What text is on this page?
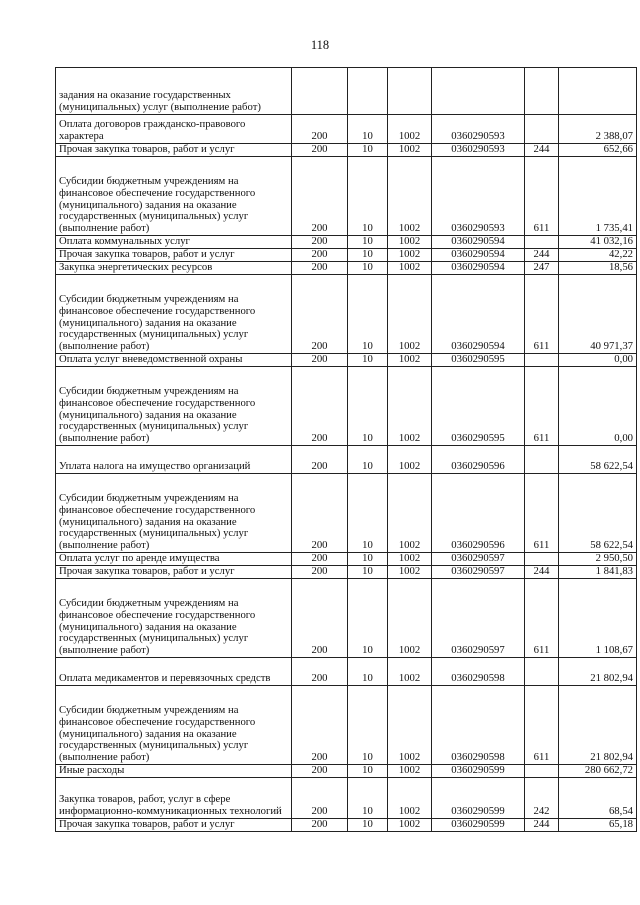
118
задания на оказание государственных (муниципальных) услуг (выполнение работ)						
Оплата договоров гражданско-правового характера	200	10	1002	0360290593		2 388,07
Прочая закупка товаров, работ и услуг	200	10	1002	0360290593	244	652,66
Субсидии бюджетным учреждениям на финансовое обеспечение государственного (муниципального) задания на оказание государственных (муниципальных) услуг (выполнение работ)	200	10	1002	0360290593	611	1 735,41
Оплата коммунальных услуг	200	10	1002	0360290594		41 032,16
Прочая закупка товаров, работ и услуг	200	10	1002	0360290594	244	42,22
Закупка энергетических ресурсов	200	10	1002	0360290594	247	18,56
Субсидии бюджетным учреждениям на финансовое обеспечение государственного (муниципального) задания на оказание государственных (муниципальных) услуг (выполнение работ)	200	10	1002	0360290594	611	40 971,37
Оплата услуг вневедомственной охраны	200	10	1002	0360290595		0,00
Субсидии бюджетным учреждениям на финансовое обеспечение государственного (муниципального) задания на оказание государственных (муниципальных) услуг (выполнение работ)	200	10	1002	0360290595	611	0,00
Уплата налога на имущество организаций	200	10	1002	0360290596		58 622,54
Субсидии бюджетным учреждениям на финансовое обеспечение государственного (муниципального) задания на оказание государственных (муниципальных) услуг (выполнение работ)	200	10	1002	0360290596	611	58 622,54
Оплата услуг по аренде имущества	200	10	1002	0360290597		2 950,50
Прочая закупка товаров, работ и услуг	200	10	1002	0360290597	244	1 841,83
Субсидии бюджетным учреждениям на финансовое обеспечение государственного (муниципального) задания на оказание государственных (муниципальных) услуг (выполнение работ)	200	10	1002	0360290597	611	1 108,67
Оплата медикаментов и перевязочных средств	200	10	1002	0360290598		21 802,94
Субсидии бюджетным учреждениям на финансовое обеспечение государственного (муниципального) задания на оказание государственных (муниципальных) услуг (выполнение работ)	200	10	1002	0360290598	611	21 802,94
Иные расходы	200	10	1002	0360290599		280 662,72
Закупка товаров, работ, услуг в сфере информационно-коммуникационных технологий	200	10	1002	0360290599	242	68,54
Прочая закупка товаров, работ и услуг	200	10	1002	0360290599	244	65,18
